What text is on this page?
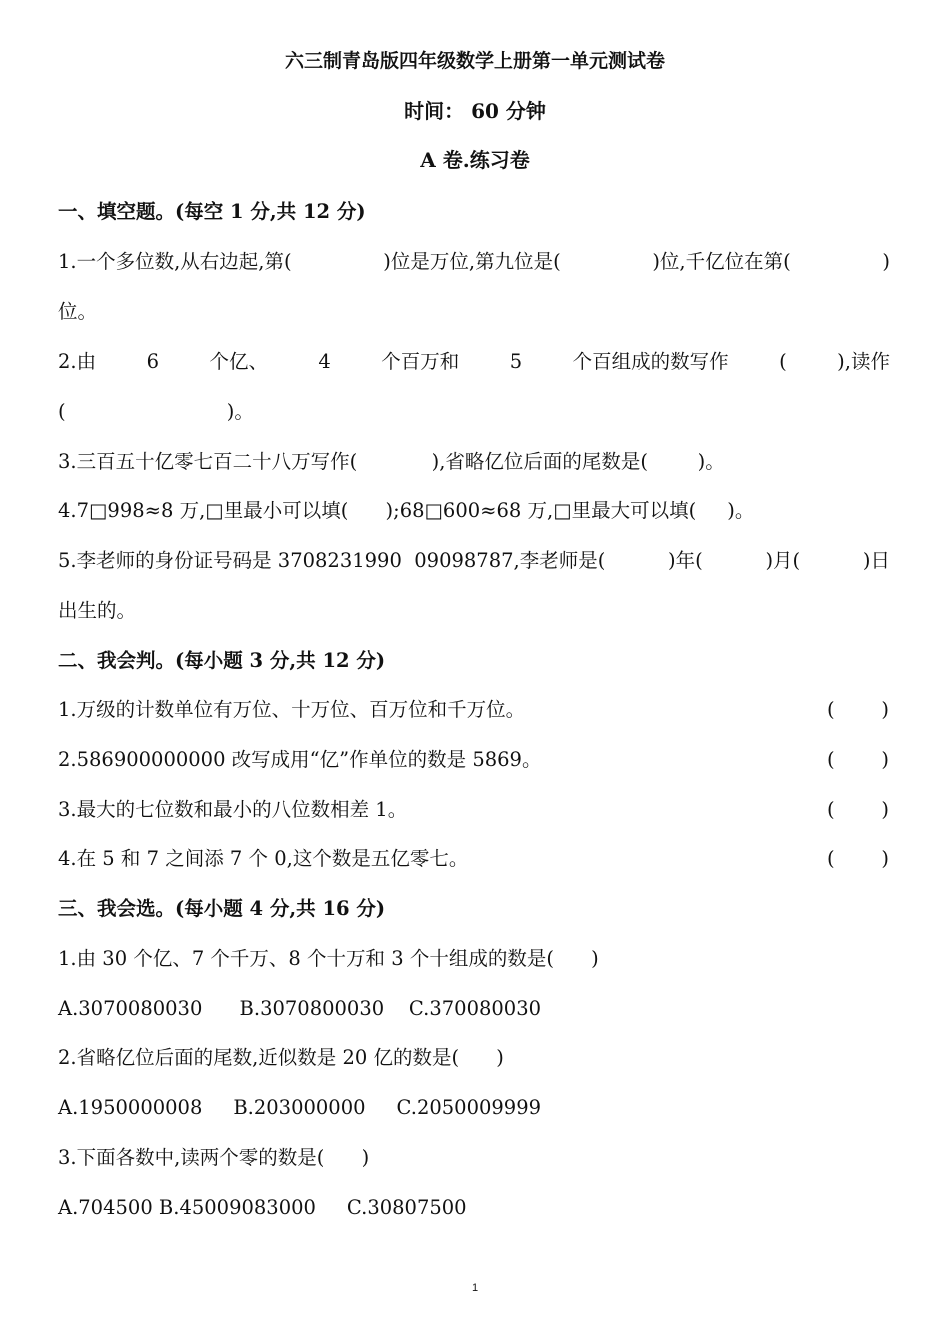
六三制青岛版四年级数学上册第一单元测试卷
时间： 60 分钟
A 卷.练习卷
一、填空题。(每空 1 分,共 12 分)
1.一个多位数,从右边起,第(	)位是万位,第九位是(	)位,千亿位在第(	)
位。
2.由	6	个亿、	4	个百万和	5	个百组成的数写作	(	),读作
(                          )。
3.三百五十亿零七百二十八万写作(            ),省略亿位后面的尾数是(        )。
4.7□998≈8 万,□里最小可以填(      );68□600≈68 万,□里最大可以填(     )。
5.李老师的身份证号码是 3708231990  09098787,李老师是(	)年(	)月(	)日
出生的。
二、我会判。(每小题 3 分,共 12 分)
1.万级的计数单位有万位、十万位、百万位和千万位。	( )
2.586900000000 改写成用“亿”作单位的数是 5869。	( )
3.最大的七位数和最小的八位数相差 1。	( )
4.在 5 和 7 之间添 7 个 0,这个数是五亿零七。	( )
三、我会选。(每小题 4 分,共 16 分)
1.由 30 个亿、7 个千万、8 个十万和 3 个十组成的数是(      )
A.3070080030      B.3070800030    C.370080030
2.省略亿位后面的尾数,近似数是 20 亿的数是(      )
A.1950000008     B.203000000     C.2050009999
3.下面各数中,读两个零的数是(      )
A.704500 B.45009083000     C.30807500
1
